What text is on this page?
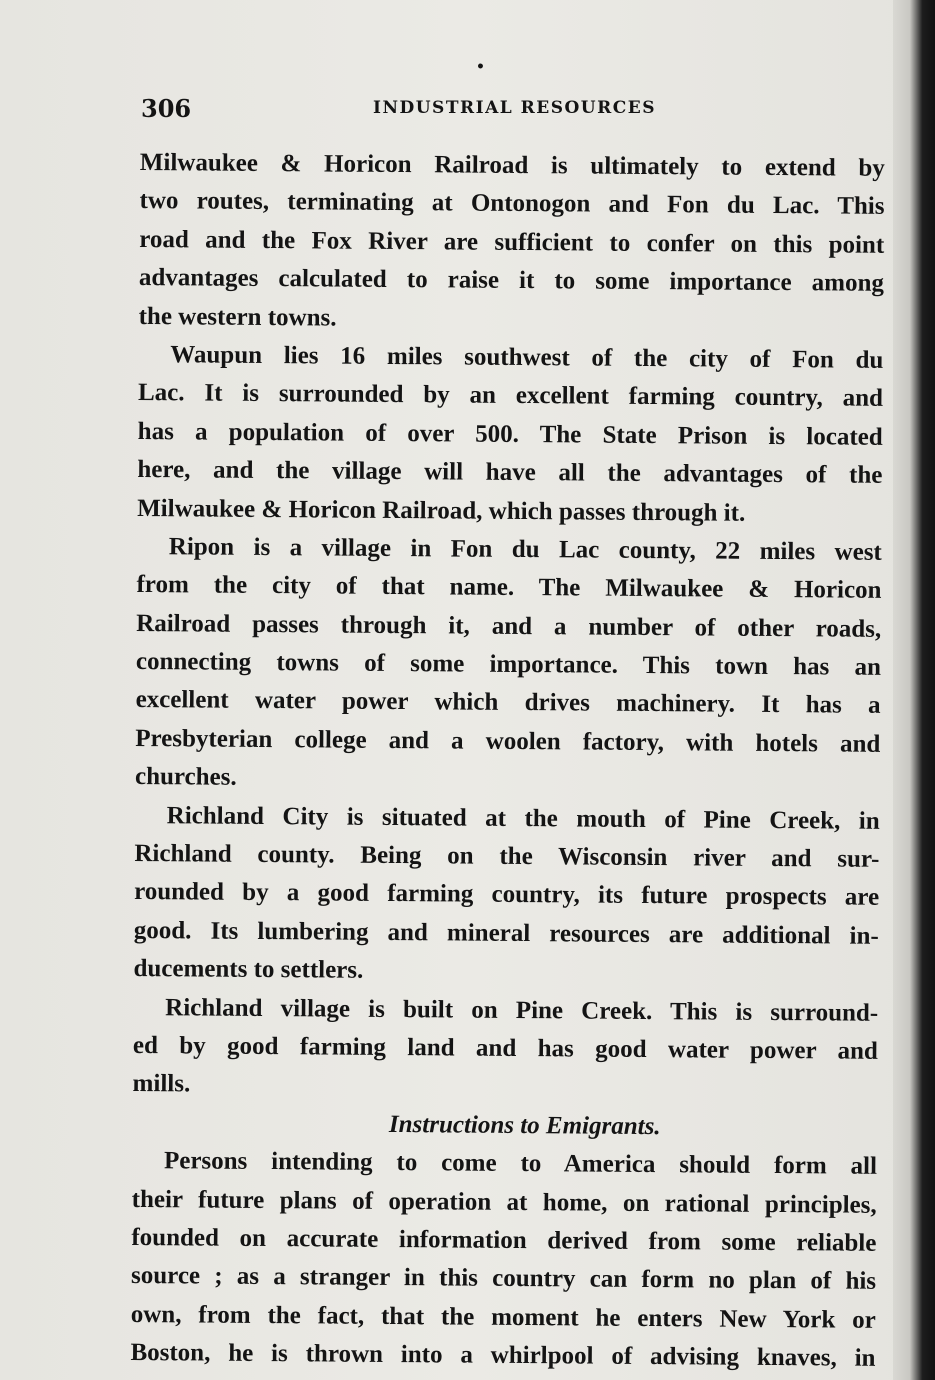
•
306	INDUSTRIAL RESOURCES

Milwaukee & Horicon Railroad is ultimately to extend by
two routes, terminating at Ontonogon and Fon du Lac. This
road and the Fox River are sufficient to confer on this point
advantages calculated to raise it to some importance among
the western towns.

Waupun lies 16 miles southwest of the city of Fon du
Lac. It is surrounded by an excellent farming country, and
has a population of over 500. The State Prison is located
here, and the village will have all the advantages of the
Milwaukee & Horicon Railroad, which passes through it.

Ripon is a village in Fon du Lac county, 22 miles west
from the city of that name. The Milwaukee & Horicon
Railroad passes through it, and a number of other roads,
connecting towns of some importance. This town has an
excellent water power which drives machinery. It has a
Presbyterian college and a woolen factory, with hotels and
churches.

Richland City is situated at the mouth of Pine Creek, in
Richland county. Being on the Wisconsin river and sur-
rounded by a good farming country, its future prospects are
good. Its lumbering and mineral resources are additional in-
ducements to settlers.

Richland village is built on Pine Creek. This is surround-
ed by good farming land and has good water power and
mills.

Instructions to Emigrants.

Persons intending to come to America should form all
their future plans of operation at home, on rational principles,
founded on accurate information derived from some reliable
source ; as a stranger in this country can form no plan of his
own, from the fact, that the moment he enters New York or
Boston, he is thrown into a whirlpool of advising knaves, in
